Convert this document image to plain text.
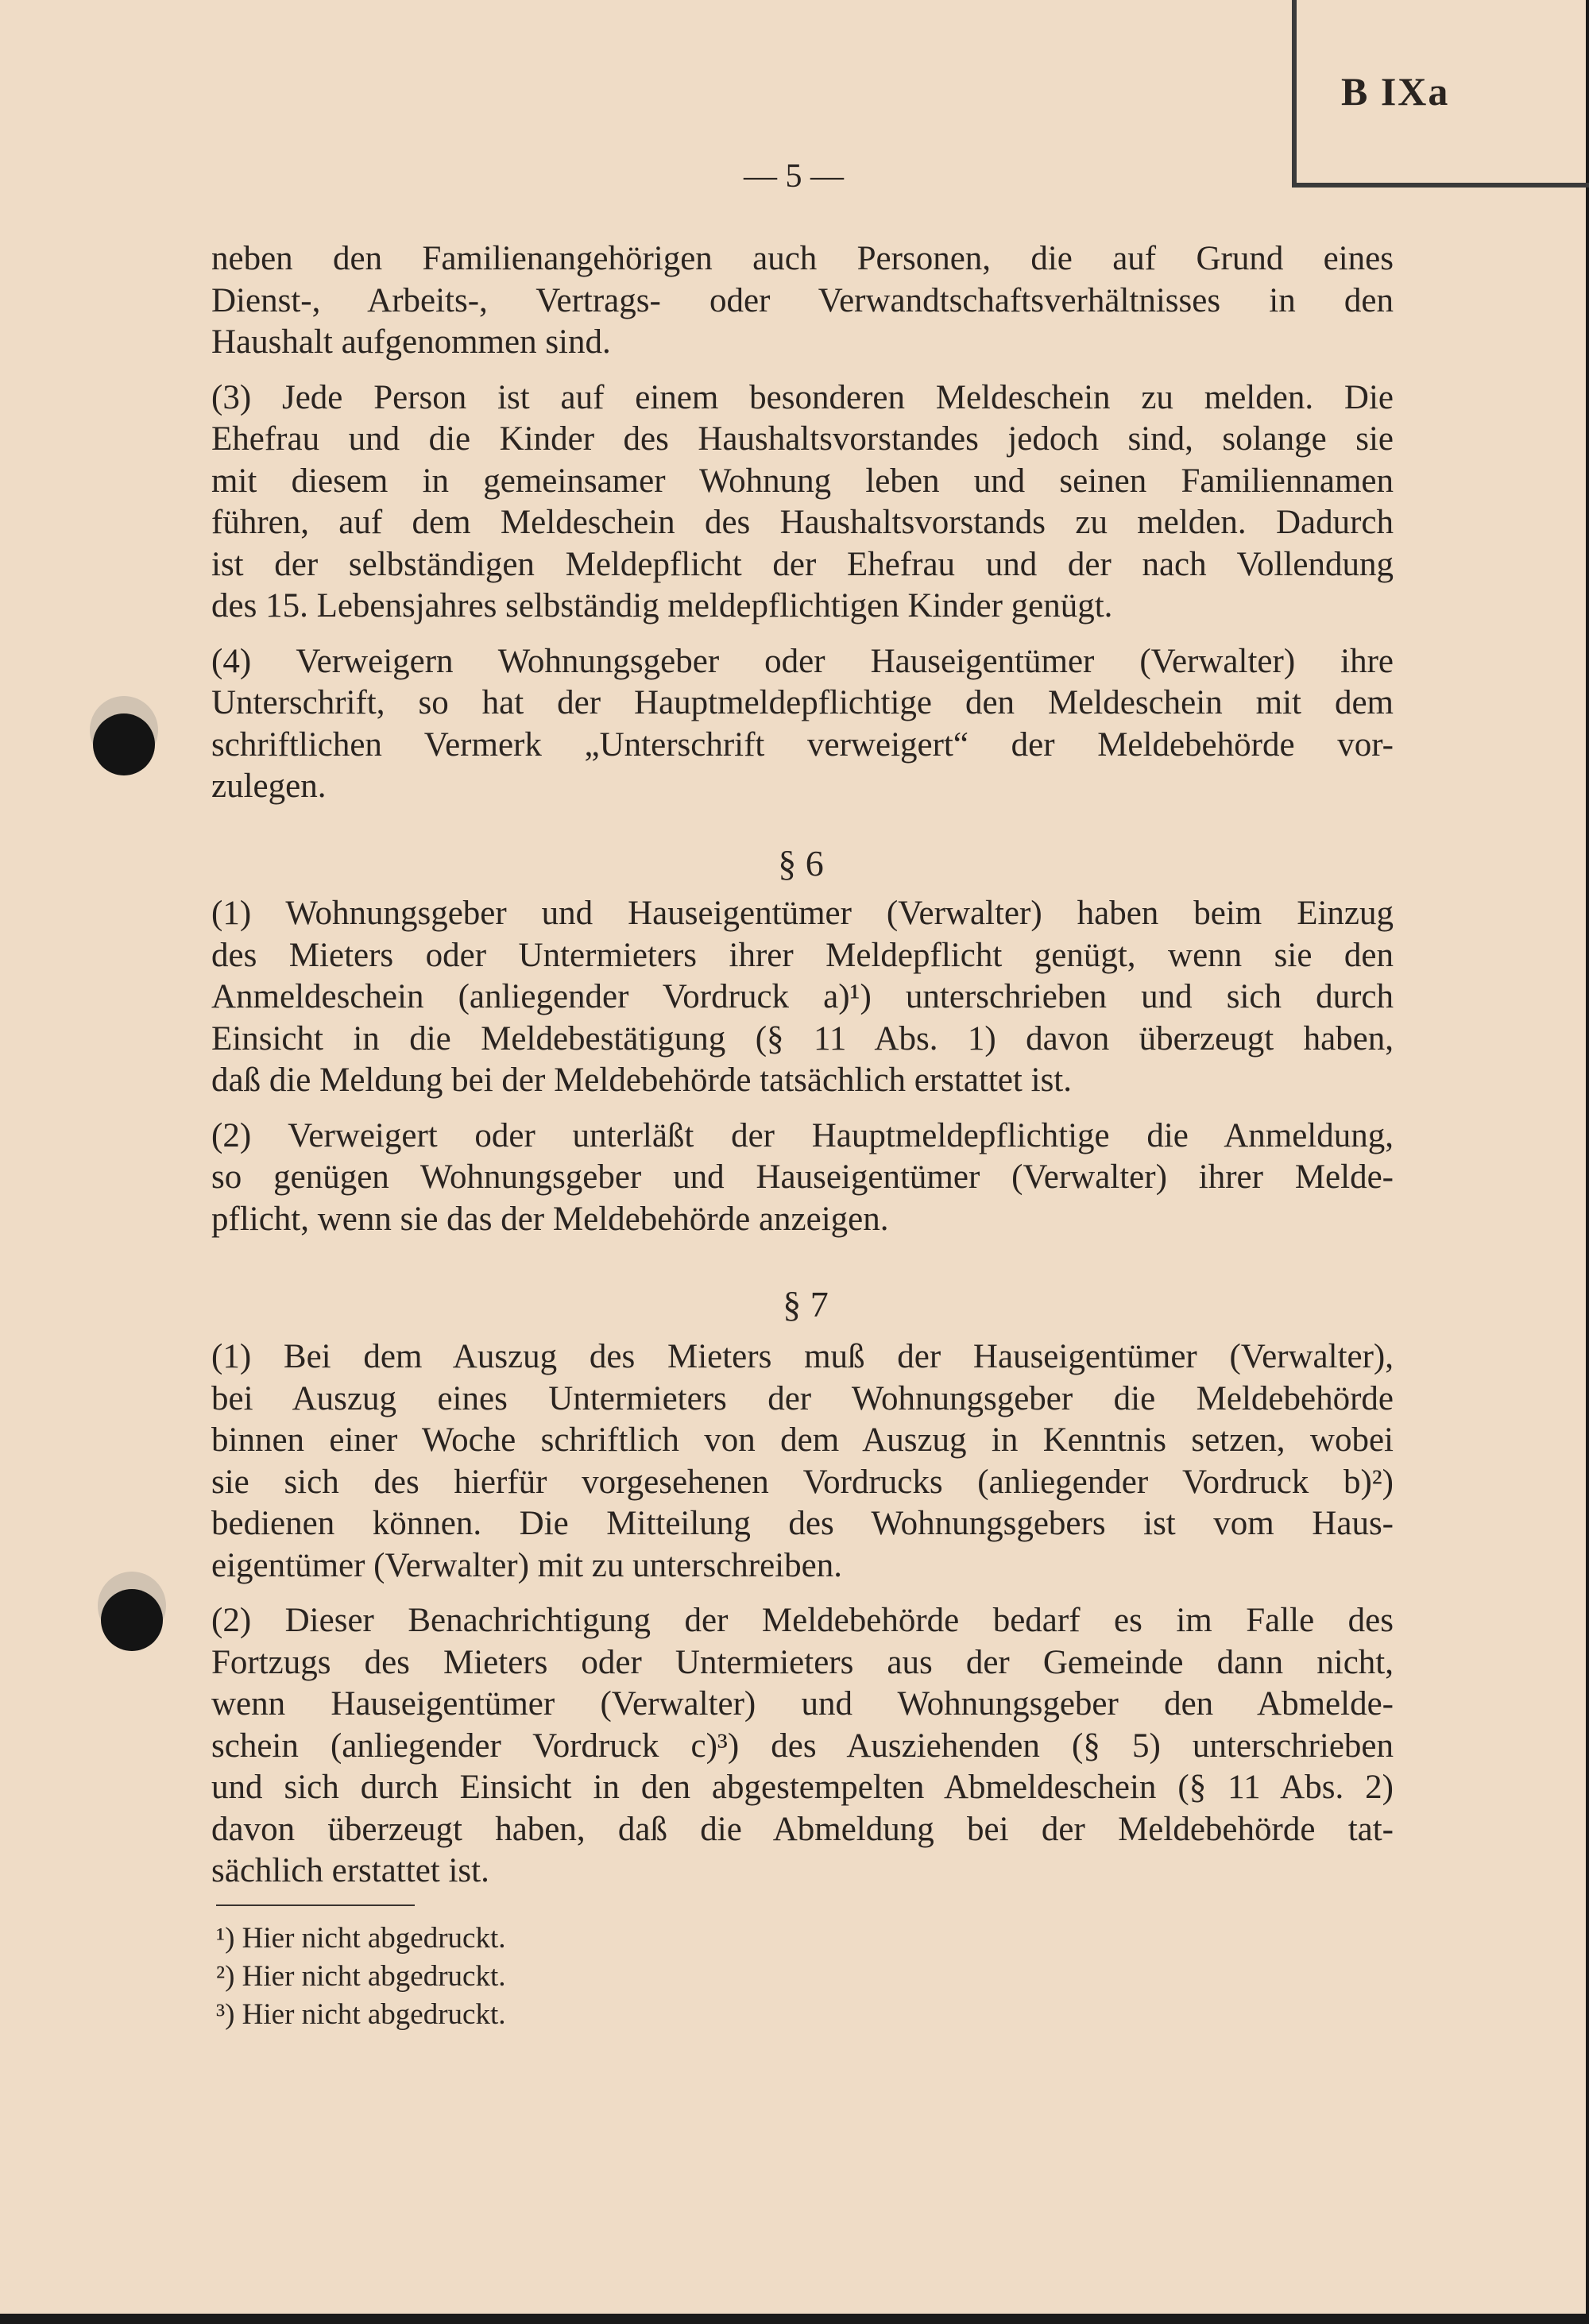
B IXa
— 5 —

neben den Familienangehörigen auch Personen, die auf Grund eines
Dienst-, Arbeits-, Vertrags- oder Verwandtschaftsverhältnisses in den
Haushalt aufgenommen sind.

(3) Jede Person ist auf einem besonderen Meldeschein zu melden. Die
Ehefrau und die Kinder des Haushaltsvorstandes jedoch sind, solange sie
mit diesem in gemeinsamer Wohnung leben und seinen Familiennamen
führen, auf dem Meldeschein des Haushaltsvorstands zu melden. Dadurch
ist der selbständigen Meldepflicht der Ehefrau und der nach Vollendung
des 15. Lebensjahres selbständig meldepflichtigen Kinder genügt.

(4) Verweigern Wohnungsgeber oder Hauseigentümer (Verwalter) ihre
Unterschrift, so hat der Hauptmeldepflichtige den Meldeschein mit dem
schriftlichen Vermerk „Unterschrift verweigert“ der Meldebehörde vor-
zulegen.

§ 6

(1) Wohnungsgeber und Hauseigentümer (Verwalter) haben beim Einzug
des Mieters oder Untermieters ihrer Meldepflicht genügt, wenn sie den
Anmeldeschein (anliegender Vordruck a)¹) unterschrieben und sich durch
Einsicht in die Meldebestätigung (§ 11 Abs. 1) davon überzeugt haben,
daß die Meldung bei der Meldebehörde tatsächlich erstattet ist.

(2) Verweigert oder unterläßt der Hauptmeldepflichtige die Anmeldung,
so genügen Wohnungsgeber und Hauseigentümer (Verwalter) ihrer Melde-
pflicht, wenn sie das der Meldebehörde anzeigen.

§ 7

(1) Bei dem Auszug des Mieters muß der Hauseigentümer (Verwalter),
bei Auszug eines Untermieters der Wohnungsgeber die Meldebehörde
binnen einer Woche schriftlich von dem Auszug in Kenntnis setzen, wobei
sie sich des hierfür vorgesehenen Vordrucks (anliegender Vordruck b)²)
bedienen können. Die Mitteilung des Wohnungsgebers ist vom Haus-
eigentümer (Verwalter) mit zu unterschreiben.

(2) Dieser Benachrichtigung der Meldebehörde bedarf es im Falle des
Fortzugs des Mieters oder Untermieters aus der Gemeinde dann nicht,
wenn Hauseigentümer (Verwalter) und Wohnungsgeber den Abmelde-
schein (anliegender Vordruck c)³) des Ausziehenden (§ 5) unterschrieben
und sich durch Einsicht in den abgestempelten Abmeldeschein (§ 11 Abs. 2)
davon überzeugt haben, daß die Abmeldung bei der Meldebehörde tat-
sächlich erstattet ist.

¹) Hier nicht abgedruckt.
²) Hier nicht abgedruckt.
³) Hier nicht abgedruckt.
